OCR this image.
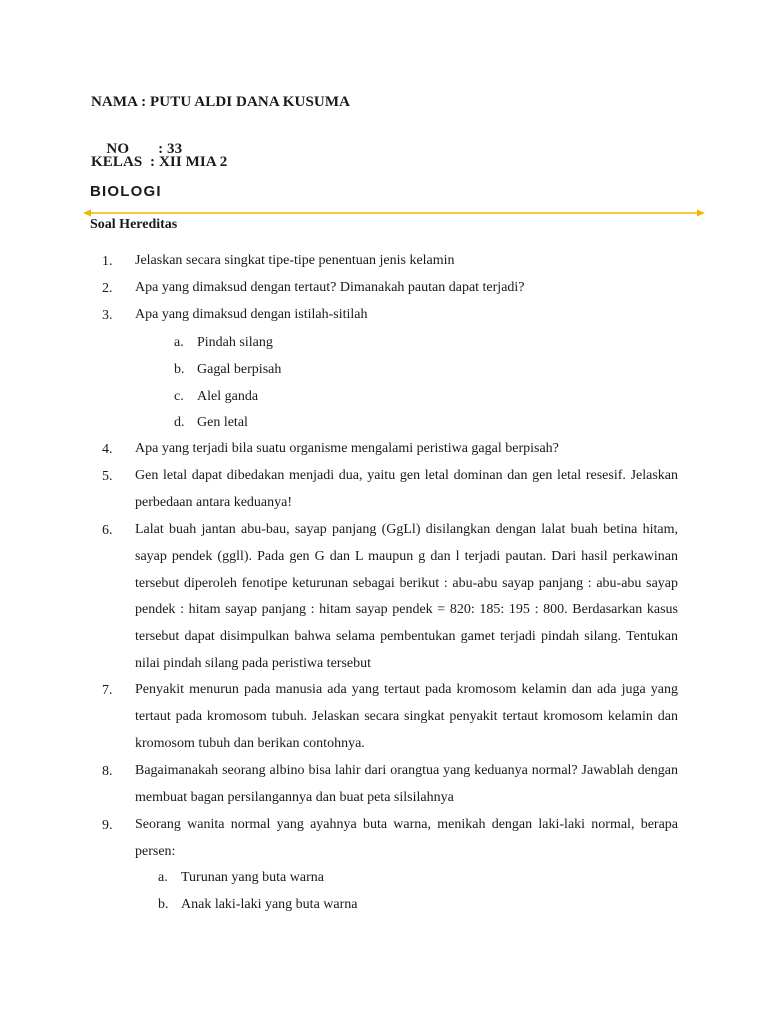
NAMA : PUTU ALDI DANA KUSUMA

NO : 33

KELAS  : XII MIA 2
BIOLOGI
Soal Hereditas
1. Jelaskan secara singkat tipe-tipe penentuan jenis kelamin
2. Apa yang dimaksud dengan tertaut? Dimanakah pautan dapat terjadi?
3. Apa yang dimaksud dengan istilah-sitilah
a. Pindah silang
b. Gagal berpisah
c. Alel ganda
d. Gen letal
4. Apa yang terjadi bila suatu organisme mengalami peristiwa gagal berpisah?
5. Gen letal dapat dibedakan menjadi dua, yaitu gen letal dominan dan gen letal resesif. Jelaskan perbedaan antara keduanya!
6. Lalat buah jantan abu-bau, sayap panjang (GgLl) disilangkan dengan lalat buah betina hitam, sayap pendek (ggll). Pada gen G dan L maupun g dan l terjadi pautan. Dari hasil perkawinan tersebut diperoleh fenotipe keturunan sebagai berikut : abu-abu sayap panjang : abu-abu sayap pendek : hitam sayap panjang : hitam sayap pendek = 820: 185: 195 : 800. Berdasarkan kasus tersebut dapat disimpulkan bahwa selama pembentukan gamet terjadi pindah silang. Tentukan nilai pindah silang pada peristiwa tersebut
7. Penyakit menurun pada manusia ada yang tertaut pada kromosom kelamin dan ada juga yang tertaut pada kromosom tubuh. Jelaskan secara singkat penyakit tertaut kromosom kelamin dan kromosom tubuh dan berikan contohnya.
8. Bagaimanakah seorang albino bisa lahir dari orangtua yang keduanya normal? Jawablah dengan membuat bagan persilangannya dan buat peta silsilahnya
9. Seorang wanita normal yang ayahnya buta warna, menikah dengan laki-laki normal, berapa persen:
a. Turunan yang buta warna
b. Anak laki-laki yang buta warna
